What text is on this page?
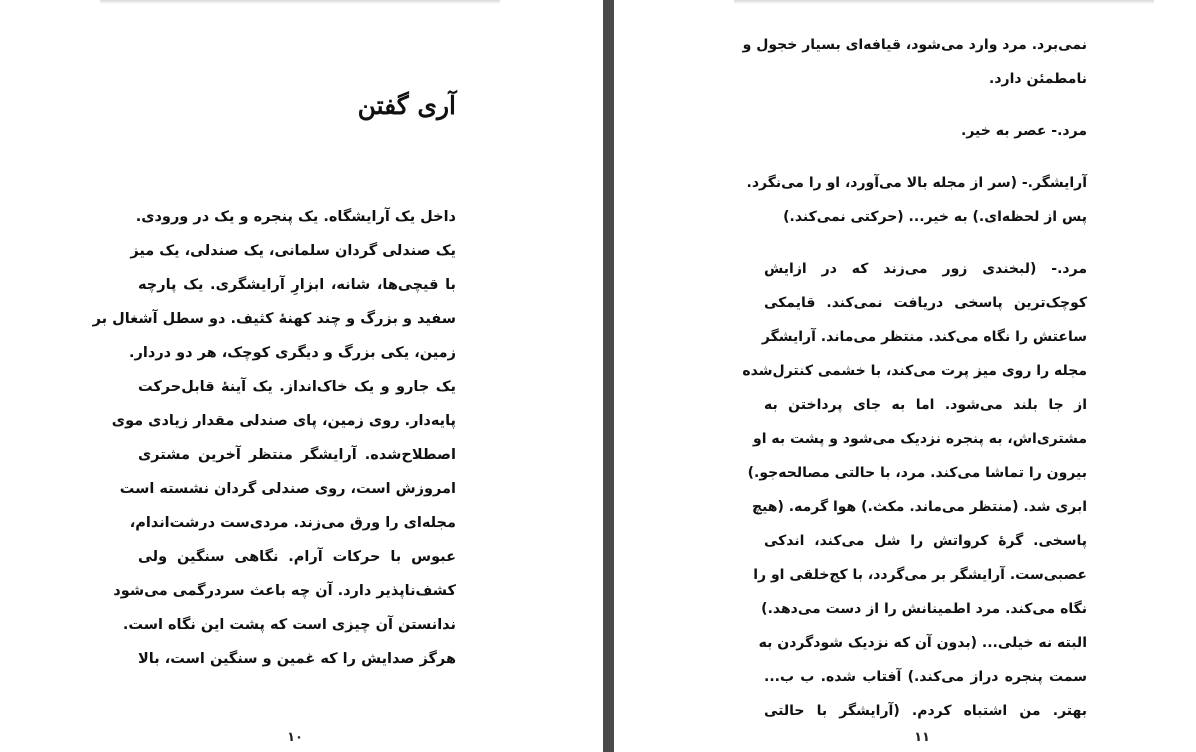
آری گفتن
داخل یک آرایشگاه. یک پنجره و یک در ورودی.
یک صندلی گردان سلمانی، یک صندلی، یک میز
با قیچی‌ها، شانه، ابزارِ آرایشگری. یک پارچه
سفید و بزرگ و چند کهنهٔ کثیف. دو سطل آشغال بر
زمین، یکی بزرگ و دیگری کوچک، هر دو دردار.
یک جارو و یک خاک‌انداز. یک آینهٔ قابل‌حرکت
پایه‌دار. روی زمین، پای صندلی مقدار زیادی موی
اصطلاح‌شده. آرایشگر منتظر آخرین مشتری
امروزش است، روی صندلی گردان نشسته است
مجله‌ای را ورق می‌زند. مردی‌ست درشت‌اندام،
عبوس با حرکات آرام. نگاهی سنگین ولی
کشف‌ناپذیر دارد. آن چه باعث سردرگمی می‌شود
ندانستن آن چیزی است که پشت این نگاه است.
هرگز صدایش را که غمین و سنگین است، بالا
۱۰
نمی‌برد. مرد وارد می‌شود، قیافه‌ای بسیار خجول و
نامطمئن دارد.
مرد.- عصر به خیر.
آرایشگر.- (سر از مجله بالا می‌آورد، او را می‌نگرد.
پس از لحظه‌ای.) به خیر... (حرکتی نمی‌کند.)
مرد.- (لبخندی زور می‌زند که در ازایش
کوچک‌ترین پاسخی دریافت نمی‌کند. قایمکی
ساعتش را نگاه می‌کند. منتظر می‌ماند. آرایشگر
مجله را روی میز پرت می‌کند، با خشمی کنترل‌شده
از جا بلند می‌شود. اما به جای پرداختن به
مشتری‌اش، به پنجره نزدیک می‌شود و پشت به او
بیرون را تماشا می‌کند. مرد، با حالتی مصالحه‌جو.)
ابری شد. (منتظر می‌ماند. مکث.) هوا گرمه. (هیچ
پاسخی. گرهٔ کرواتش را شل می‌کند، اندکی
عصبی‌ست. آرایشگر بر می‌گردد، با کج‌خلقی او را
نگاه می‌کند. مرد اطمینانش را از دست می‌دهد.)
البته نه خیلی... (بدون آن که نزدیک شودگردن به
سمت پنجره دراز می‌کند.) آفتاب شده. ب ب...
بهتر. من اشتباه کردم. (آرایشگر با حالتی
۱۱
